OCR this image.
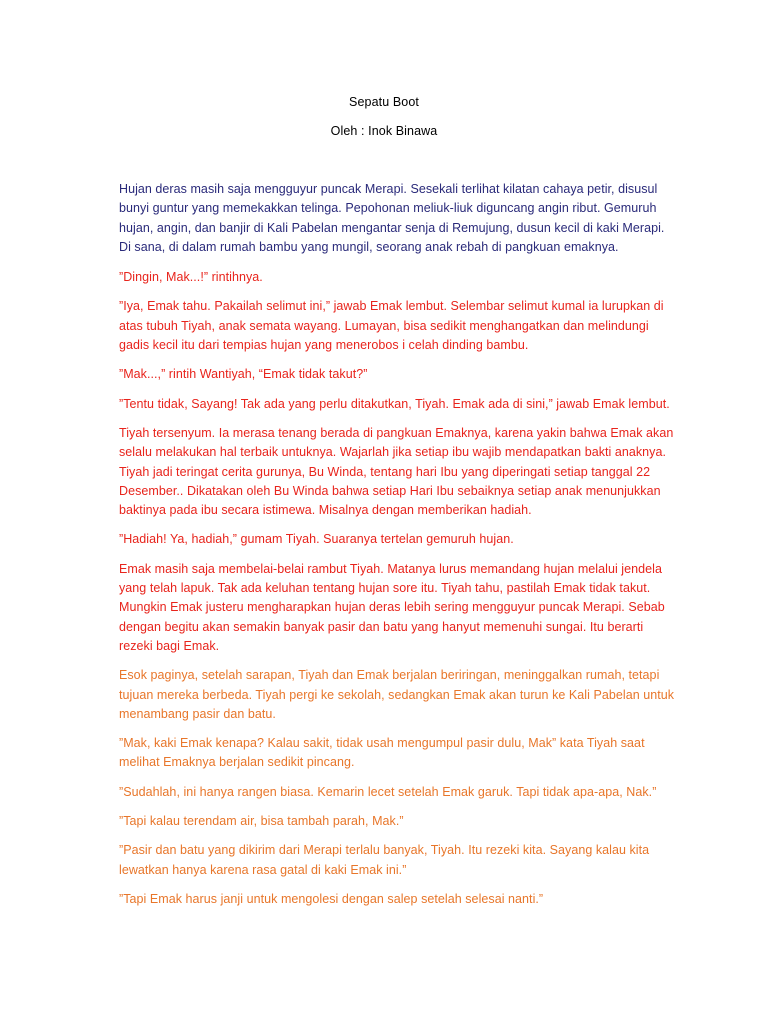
Sepatu Boot
Oleh : Inok Binawa

Hujan deras masih saja mengguyur puncak Merapi. Sesekali terlihat kilatan cahaya petir, disusul bunyi guntur yang memekakkan telinga. Pepohonan meliuk-liuk diguncang angin ribut. Gemuruh hujan, angin, dan banjir di Kali Pabelan mengantar senja di Remujung, dusun kecil di kaki Merapi. Di sana, di dalam rumah bambu yang mungil, seorang anak rebah di pangkuan emaknya.

”Dingin, Mak...!” rintihnya.

”Iya, Emak tahu. Pakailah selimut ini,” jawab Emak lembut. Selembar selimut kumal ia lurupkan di atas tubuh Tiyah, anak semata wayang. Lumayan, bisa sedikit menghangatkan dan melindungi gadis kecil itu dari tempias hujan yang menerobos i celah dinding bambu.

”Mak...,” rintih Wantiyah, “Emak tidak takut?”

”Tentu tidak, Sayang! Tak ada yang perlu ditakutkan, Tiyah. Emak ada di sini,” jawab Emak lembut.

Tiyah tersenyum. Ia merasa tenang berada di pangkuan Emaknya, karena yakin bahwa Emak akan selalu melakukan hal terbaik untuknya. Wajarlah jika setiap ibu wajib mendapatkan bakti anaknya. Tiyah jadi teringat cerita gurunya, Bu Winda, tentang hari Ibu yang diperingati setiap tanggal 22 Desember.. Dikatakan oleh Bu Winda bahwa setiap Hari Ibu sebaiknya setiap anak menunjukkan baktinya pada ibu secara istimewa. Misalnya dengan memberikan hadiah.

”Hadiah! Ya, hadiah,” gumam Tiyah. Suaranya tertelan gemuruh hujan.

Emak masih saja membelai-belai rambut Tiyah. Matanya lurus memandang hujan melalui jendela yang telah lapuk. Tak ada keluhan tentang hujan sore itu. Tiyah tahu, pastilah Emak tidak takut. Mungkin Emak justeru mengharapkan hujan deras lebih sering mengguyur puncak Merapi. Sebab dengan begitu akan semakin banyak pasir dan batu yang hanyut memenuhi sungai. Itu berarti rezeki bagi Emak.

Esok paginya, setelah sarapan, Tiyah dan Emak berjalan beriringan, meninggalkan rumah, tetapi tujuan mereka berbeda. Tiyah pergi ke sekolah, sedangkan Emak akan turun ke Kali Pabelan untuk menambang pasir dan batu.

”Mak, kaki Emak kenapa? Kalau sakit, tidak usah mengumpul pasir dulu, Mak” kata Tiyah saat melihat Emaknya berjalan sedikit pincang.

”Sudahlah, ini hanya rangen biasa. Kemarin lecet setelah Emak garuk. Tapi tidak apa-apa, Nak.”

”Tapi kalau terendam air, bisa tambah parah, Mak.”

”Pasir dan batu yang dikirim dari Merapi terlalu banyak, Tiyah. Itu rezeki kita. Sayang kalau kita lewatkan hanya karena rasa gatal di kaki Emak ini.”

”Tapi Emak harus janji untuk mengolesi dengan salep setelah selesai nanti.”
